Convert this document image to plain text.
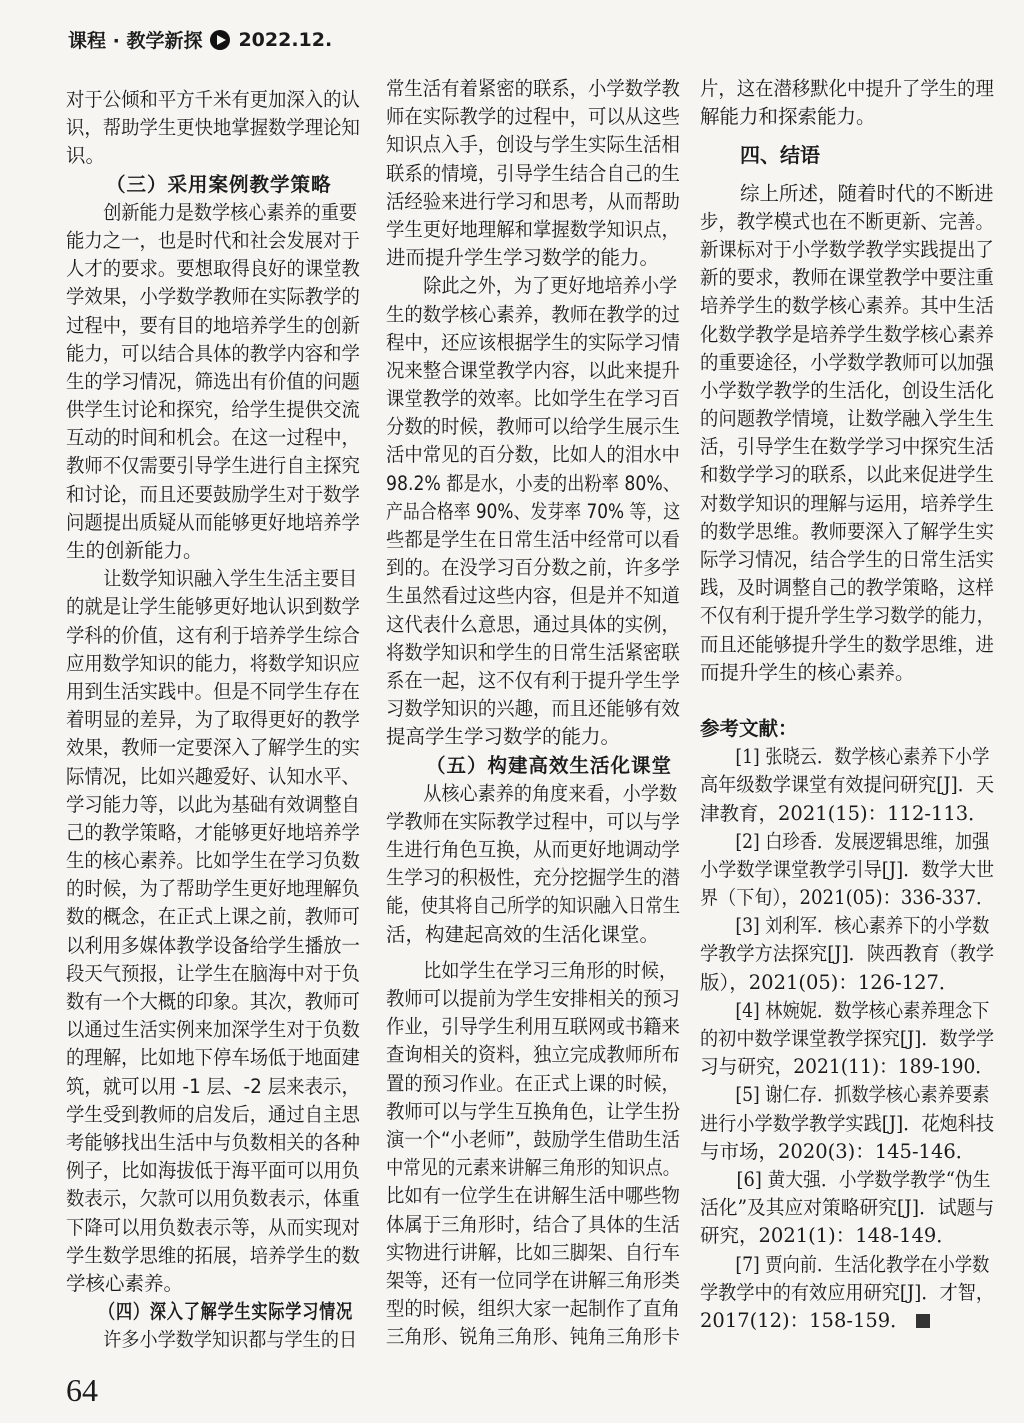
课程 · 教学新探 2022.12.
对于公倾和平方千米有更加深入的认
识，帮助学生更快地掌握数学理论知
识。
（三）采用案例教学策略
创新能力是数学核心素养的重要
能力之一，也是时代和社会发展对于
人才的要求。要想取得良好的课堂教
学效果，小学数学教师在实际教学的
过程中，要有目的地培养学生的创新
能力，可以结合具体的教学内容和学
生的学习情况，筛选出有价值的问题
供学生讨论和探究，给学生提供交流
互动的时间和机会。在这一过程中，
教师不仅需要引导学生进行自主探究
和讨论，而且还要鼓励学生对于数学
问题提出质疑从而能够更好地培养学
生的创新能力。
让数学知识融入学生生活主要目
的就是让学生能够更好地认识到数学
学科的价值，这有利于培养学生综合
应用数学知识的能力，将数学知识应
用到生活实践中。但是不同学生存在
着明显的差异，为了取得更好的教学
效果，教师一定要深入了解学生的实
际情况，比如兴趣爱好、认知水平、
学习能力等，以此为基础有效调整自
己的教学策略，才能够更好地培养学
生的核心素养。比如学生在学习负数
的时候，为了帮助学生更好地理解负
数的概念，在正式上课之前，教师可
以利用多媒体教学设备给学生播放一
段天气预报，让学生在脑海中对于负
数有一个大概的印象。其次，教师可
以通过生活实例来加深学生对于负数
的理解，比如地下停车场低于地面建
筑，就可以用 -1 层、-2 层来表示，
学生受到教师的启发后，通过自主思
考能够找出生活中与负数相关的各种
例子，比如海拔低于海平面可以用负
数表示，欠款可以用负数表示，体重
下降可以用负数表示等，从而实现对
学生数学思维的拓展，培养学生的数
学核心素养。
（四）深入了解学生实际学习情况
许多小学数学知识都与学生的日
常生活有着紧密的联系，小学数学教
师在实际教学的过程中，可以从这些
知识点入手，创设与学生实际生活相
联系的情境，引导学生结合自己的生
活经验来进行学习和思考，从而帮助
学生更好地理解和掌握数学知识点，
进而提升学生学习数学的能力。
除此之外，为了更好地培养小学
生的数学核心素养，教师在教学的过
程中，还应该根据学生的实际学习情
况来整合课堂教学内容，以此来提升
课堂教学的效率。比如学生在学习百
分数的时候，教师可以给学生展示生
活中常见的百分数，比如人的泪水中
98.2% 都是水，小麦的出粉率 80%、
产品合格率 90%、发芽率 70% 等，这
些都是学生在日常生活中经常可以看
到的。在没学习百分数之前，许多学
生虽然看过这些内容，但是并不知道
这代表什么意思，通过具体的实例，
将数学知识和学生的日常生活紧密联
系在一起，这不仅有利于提升学生学
习数学知识的兴趣，而且还能够有效
提高学生学习数学的能力。
（五）构建高效生活化课堂
从核心素养的角度来看，小学数
学教师在实际教学过程中，可以与学
生进行角色互换，从而更好地调动学
生学习的积极性，充分挖掘学生的潜
能，使其将自己所学的知识融入日常生
活，构建起高效的生活化课堂。
比如学生在学习三角形的时候，
教师可以提前为学生安排相关的预习
作业，引导学生利用互联网或书籍来
查询相关的资料，独立完成教师所布
置的预习作业。在正式上课的时候，
教师可以与学生互换角色，让学生扮
演一个“小老师”，鼓励学生借助生活
中常见的元素来讲解三角形的知识点。
比如有一位学生在讲解生活中哪些物
体属于三角形时，结合了具体的生活
实物进行讲解，比如三脚架、自行车
架等，还有一位同学在讲解三角形类
型的时候，组织大家一起制作了直角
三角形、锐角三角形、钝角三角形卡
片，这在潜移默化中提升了学生的理
解能力和探索能力。
四、结语
综上所述，随着时代的不断进
步，教学模式也在不断更新、完善。
新课标对于小学数学教学实践提出了
新的要求，教师在课堂教学中要注重
培养学生的数学核心素养。其中生活
化数学教学是培养学生数学核心素养
的重要途径，小学数学教师可以加强
小学数学教学的生活化，创设生活化
的问题教学情境，让数学融入学生生
活，引导学生在数学学习中探究生活
和数学学习的联系，以此来促进学生
对数学知识的理解与运用，培养学生
的数学思维。教师要深入了解学生实
际学习情况，结合学生的日常生活实
践，及时调整自己的教学策略，这样
不仅有利于提升学生学习数学的能力，
而且还能够提升学生的数学思维，进
而提升学生的核心素养。
参考文献：
[1] 张晓云．数学核心素养下小学
高年级数学课堂有效提问研究[J]．天
津教育，2021(15)：112-113．
[2] 白珍香．发展逻辑思维，加强
小学数学课堂教学引导[J]．数学大世
界（下旬），2021(05)：336-337．
[3] 刘利军．核心素养下的小学数
学教学方法探究[J]．陕西教育（教学
版），2021(05)：126-127．
[4] 林婉妮．数学核心素养理念下
的初中数学课堂教学探究[J]．数学学
习与研究，2021(11)：189-190．
[5] 谢仁存．抓数学核心素养要素
进行小学数学教学实践[J]．花炮科技
与市场，2020(3)：145-146．
[6] 黄大强．小学数学教学“伪生
活化”及其应对策略研究[J]．试题与
研究，2021(1)：148-149．
[7] 贾向前．生活化教学在小学数
学教学中的有效应用研究[J]．才智，
2017(12)：158-159．
64
